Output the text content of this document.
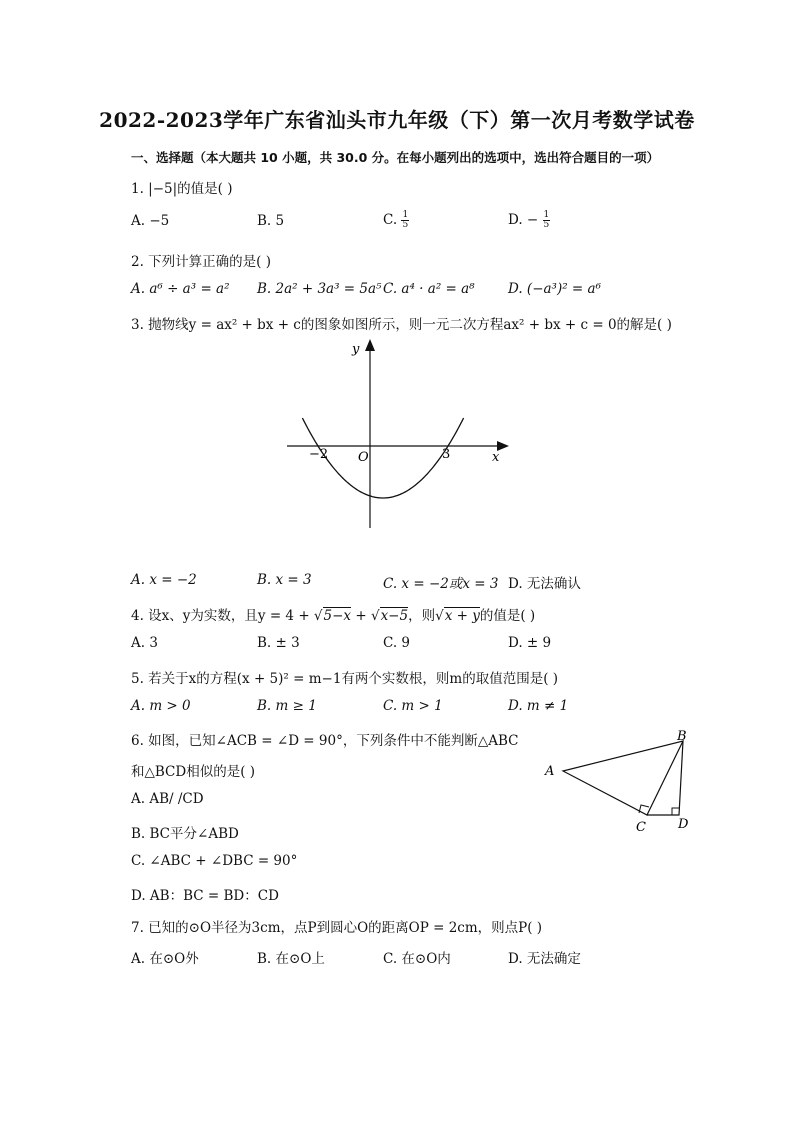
2022-2023学年广东省汕头市九年级（下）第一次月考数学试卷
一、选择题（本大题共 10 小题，共 30.0 分。在每小题列出的选项中，选出符合题目的一项）
1. |−5|的值是( )
A. −5	B. 5	C. $\frac{1}{5}$	D. − $\frac{1}{5}$
2. 下列计算正确的是( )
A. a⁶ ÷ a³ = a² B. 2a² + 3a³ = 5a⁵ C. a⁴ · a² = a⁸ D. (−a³)² = a⁶
3. 抛物线y = ax² + bx + c的图象如图所示，则一元二次方程ax² + bx + c = 0的解是( )
y
x
O
−2	3
A. x = −2	B. x = 3	C. x = −2或x = 3 D. 无法确认
4. 设x、y为实数，且y = 4 + √5−x + √x−5，则√x + y的值是( )
A. 3	B. ± 3	C. 9	D. ± 9
5. 若关于x的方程(x + 5)² = m−1有两个实数根，则m的取值范围是( )
A. m > 0	B. m ≥ 1	C. m > 1	D. m ≠ 1
6. 如图，已知∠ACB = ∠D = 90°，下列条件中不能判断△ABC
和△BCD相似的是( )
A. AB/ /CD
B. BC平分∠ABD
C. ∠ABC + ∠DBC = 90°
D. AB：BC = BD：CD
A
B
C D
7. 已知的⊙O半径为3cm，点P到圆心O的距离OP = 2cm，则点P( )
A. 在⊙O外	B. 在⊙O上	C. 在⊙O内	D. 无法确定
